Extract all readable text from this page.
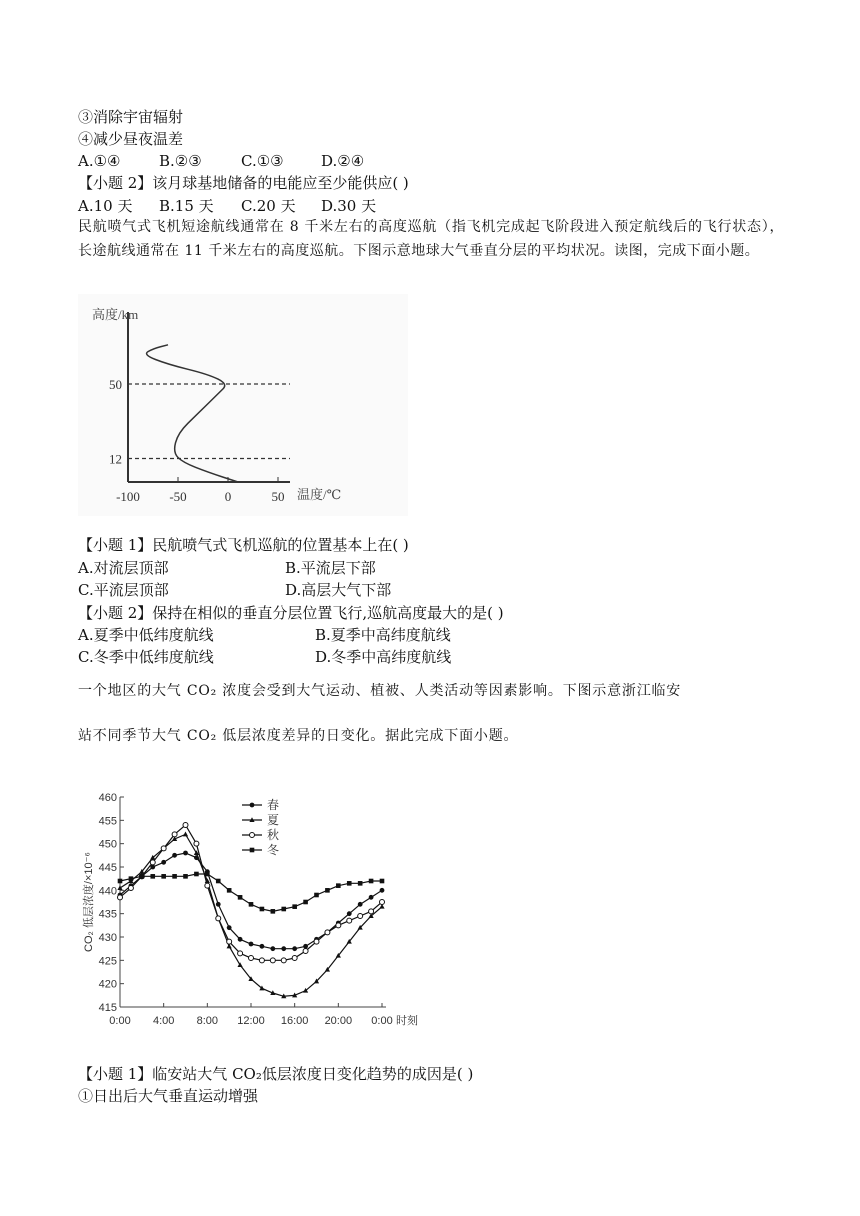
③消除宇宙辐射
④减少昼夜温差
A.①④	B.②③	C.①③ D.②④
【小题 2】该月球基地储备的电能应至少能供应( )
A.10 天 B.15 天 C.20 天 D.30 天
民航喷气式飞机短途航线通常在 8 千米左右的高度巡航（指飞机完成起飞阶段进入预定航线后的飞行状态），长途航线通常在 11 千米左右的高度巡航。下图示意地球大气垂直分层的平均状况。读图，完成下面小题。
高度/km
温度/℃
12
50
-100 -50	0	50
【小题 1】民航喷气式飞机巡航的位置基本上在( )
A.对流层顶部	B.平流层下部
C.平流层顶部	D.高层大气下部
【小题 2】保持在相似的垂直分层位置飞行,巡航高度最大的是( )
A.夏季中低纬度航线	B.夏季中高纬度航线
C.冬季中低纬度航线	D.冬季中高纬度航线
一个地区的大气 CO₂ 浓度会受到大气运动、植被、人类活动等因素影响。下图示意浙江临安
站不同季节大气 CO₂ 低层浓度差异的日变化。据此完成下面小题。
415
420
425
430
435
440
445
450
455
460
0:00 4:00 8:00 12:00 16:00 20:00 0:00 时刻
CO₂ 低层浓度/×10⁻⁶
春
夏
秋
冬
【小题 1】临安站大气 CO₂低层浓度日变化趋势的成因是( )
①日出后大气垂直运动增强
